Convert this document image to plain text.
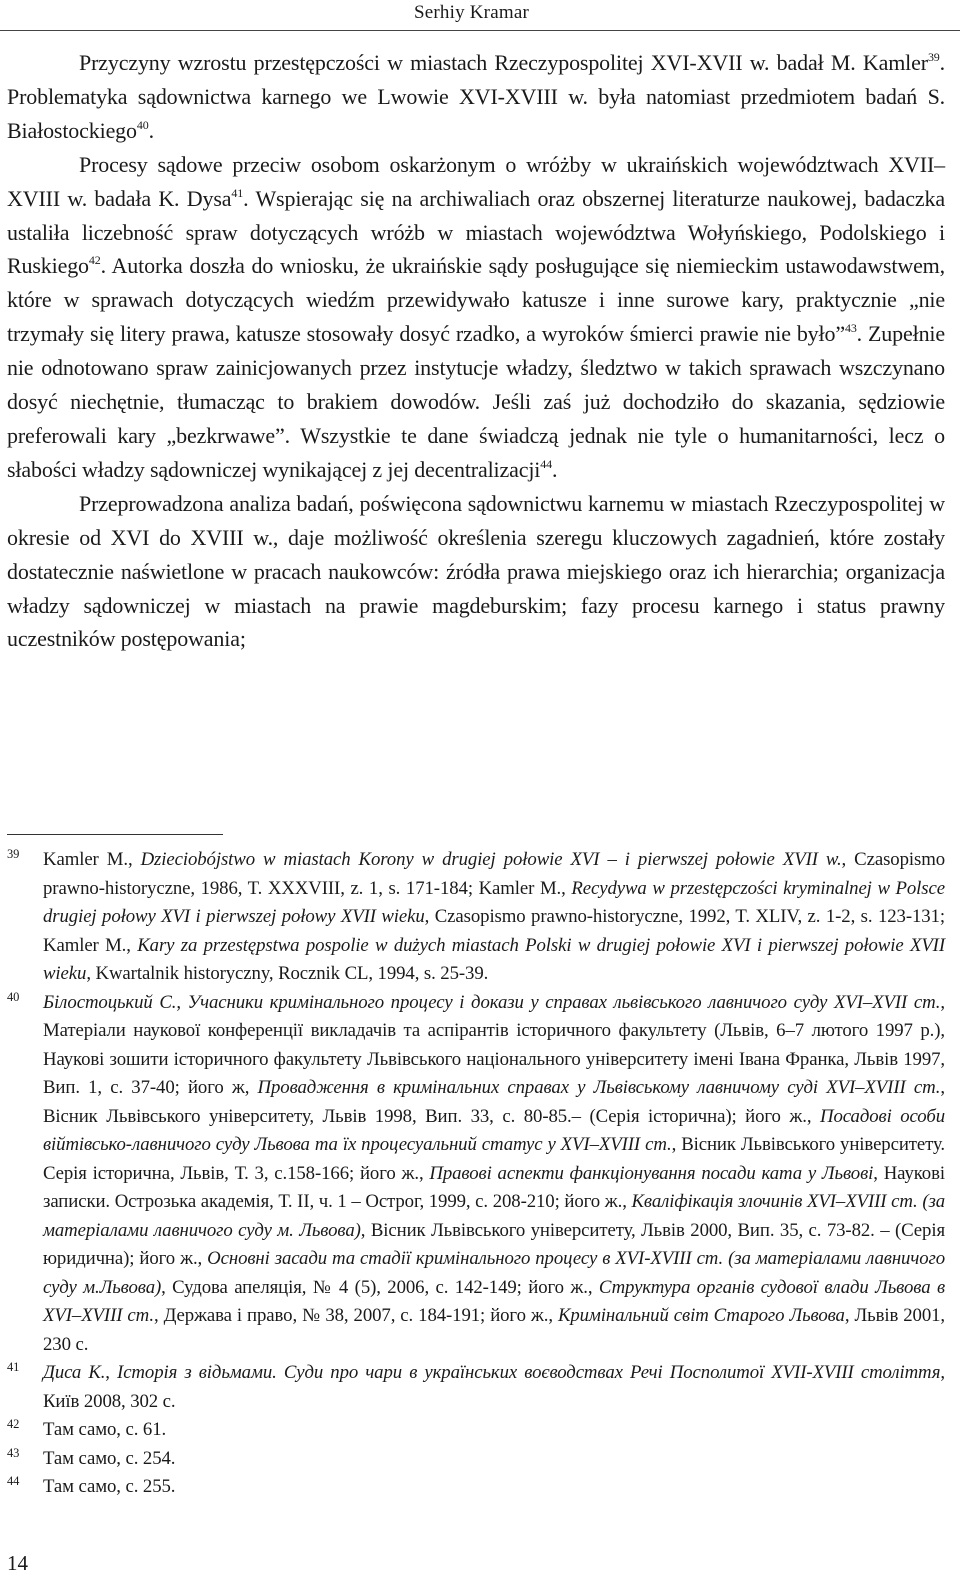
Serhiy Kramar

Przyczyny wzrostu przestępczości w miastach Rzeczypospolitej XVI-XVII w. badał M. Kamler$^{39}$. Problematyka sądownictwa karnego we Lwowie XVI-XVIII w. była natomiast przedmiotem badań S. Białostockiego$^{40}$.

Procesy sądowe przeciw osobom oskarżonym o wróżby w ukraińskich województwach XVII–XVIII w. badała K. Dysa$^{41}$. Wspierając się na archiwaliach oraz obszernej literaturze naukowej, badaczka ustaliła liczebność spraw dotyczących wróżb w miastach województwa Wołyńskiego, Podolskiego i Ruskiego$^{42}$. Autorka doszła do wniosku, że ukraińskie sądy posługujące się niemieckim ustawodawstwem, które w sprawach dotyczących wiedźm przewidywało katusze i inne surowe kary, praktycznie „nie trzymały się litery prawa, katusze stosowały dosyć rzadko, a wyroków śmierci prawie nie było”$^{43}$. Zupełnie nie odnotowano spraw zainicjowanych przez instytucje władzy, śledztwo w takich sprawach wszczynano dosyć niechętnie, tłumacząc to brakiem dowodów. Jeśli zaś już dochodziło do skazania, sędziowie preferowali kary „bezkrwawe”. Wszystkie te dane świadczą jednak nie tyle o humanitarności, lecz o słabości władzy sądowniczej wynikającej z jej decentralizacji$^{44}$.

Przeprowadzona analiza badań, poświęcona sądownictwu karnemu w miastach Rzeczypospolitej w okresie od XVI do XVIII w., daje możliwość określenia szeregu kluczowych zagadnień, które zostały dostatecznie naświetlone w pracach naukowców: źródła prawa miejskiego oraz ich hierarchia; organizacja władzy sądowniczej w miastach na prawie magdeburskim; fazy procesu karnego i status prawny uczestników postępowania;

39 Kamler M., Dzieciobójstwo w miastach Korony w drugiej połowie XVI – i pierwszej połowie XVII w., Czasopismo prawno-historyczne, 1986, T. XXXVIII, z. 1, s. 171-184; Kamler M., Recydywa w przestępczości kryminalnej w Polsce drugiej połowy XVI i pierwszej połowy XVII wieku, Czasopismo prawno-historyczne, 1992, T. XLIV, z. 1-2, s. 123-131; Kamler M., Kary za przestępstwa pospolie w dużych miastach Polski w drugiej połowie XVI i pierwszej połowie XVII wieku, Kwartalnik historyczny, Rocznik CL, 1994, s. 25-39.
40 Білостоцький С., Учасники кримінального процесу і докази у справах львівського лавничого суду XVI–XVII ст., Матеріали наукової конференції викладачів та аспірантів історичного факультету (Львів, 6–7 лютого 1997 р.), Наукові зошити історичного факультету Львівського національного університету імені Івана Франка, Львів 1997, Вип. 1, с. 37-40; його ж, Провадження в кримінальних справах у Львівському лавничому суді XVI–XVIII ст., Вісник Львівського університету, Львів 1998, Вип. 33, с. 80-85.– (Серія історична); його ж., Посадові особи війтівсько-лавничого суду Львова та їх процесуальний статус у XVI–XVIII ст., Вісник Львівського університету. Серія історична, Львів, Т. 3, с.158-166; його ж., Правові аспекти фанкціонування посади ката у Львові, Наукові записки. Острозька академія, Т. ІІ, ч. 1 – Острог, 1999, с. 208-210; його ж., Кваліфікація злочинів XVI–XVIII ст. (за матеріалами лавничого суду м. Львова), Вісник Львівського університету, Львів 2000, Вип. 35, с. 73-82. – (Серія юридична); його ж., Основні засади та стадії кримінального процесу в XVI-XVIII ст. (за матеріалами лавничого суду м.Львова), Судова апеляція, № 4 (5), 2006, с. 142-149; його ж., Структура органів судової влади Львова в XVI–XVIII ст., Держава і право, № 38, 2007, с. 184-191; його ж., Кримінальний світ Старого Львова, Львів 2001, 230 с.
41 Диса К., Історія з відьмами. Суди про чари в українських воєводствах Речі Посполитої XVII-XVIII століття, Київ 2008, 302 с.
42 Там само, с. 61.
43 Там само, с. 254.
44 Там само, с. 255.
14
